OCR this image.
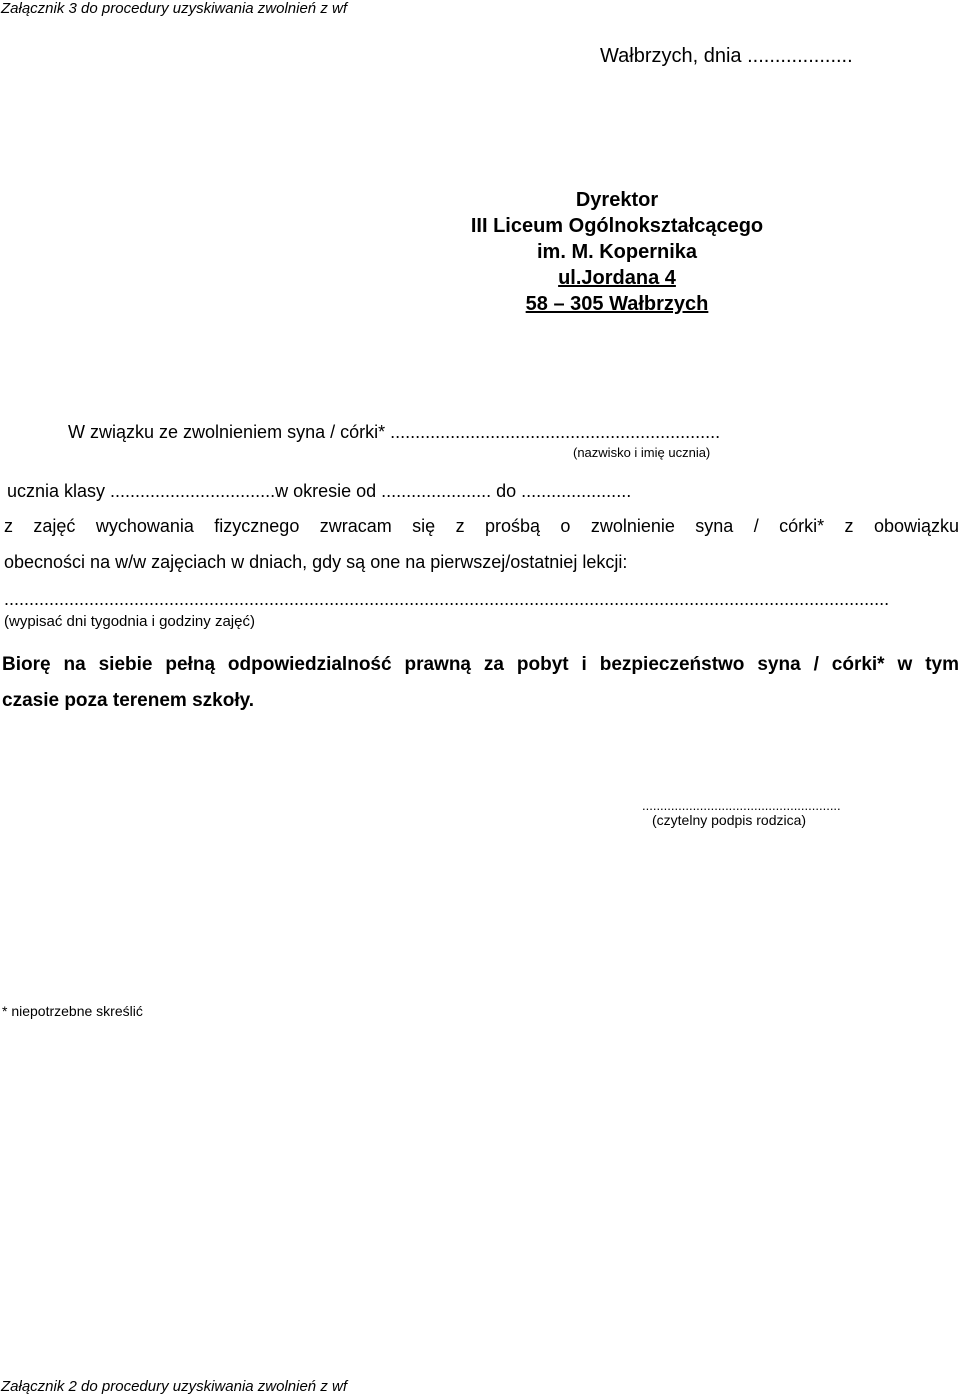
Załącznik 3 do procedury uzyskiwania zwolnień z wf
Wałbrzych, dnia ...................
Dyrektor
III Liceum Ogólnokształcącego
im. M. Kopernika
ul.Jordana 4
58 – 305 Wałbrzych
W związku ze zwolnieniem syna / córki* ..................................................................
(nazwisko i imię ucznia)
ucznia klasy .................................w okresie od ...................... do ......................
z zajęć wychowania fizycznego zwracam się z prośbą o zwolnienie syna / córki* z obowiązku
obecności na w/w zajęciach w dniach, gdy są one na pierwszej/ostatniej lekcji:
.................................................................................................................................................................................
(wypisać dni tygodnia i godziny zajęć)
Biorę na siebie pełną odpowiedzialność prawną za pobyt i bezpieczeństwo syna / córki* w tym
czasie poza terenem szkoły.
.......................................................
(czytelny podpis rodzica)
* niepotrzebne skreślić
Załącznik 2 do procedury uzyskiwania zwolnień z wf
